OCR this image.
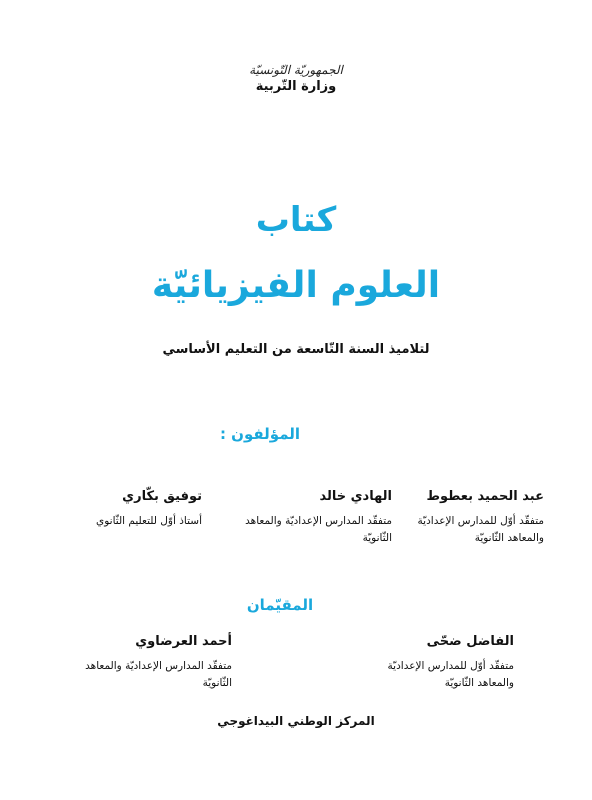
الجمهوريّة التّونسيّة
وزارة التّربية
كتاب
العلوم الفيزيائيّة
لتلاميذ السنة التّاسعة من التعليم الأساسي
المؤلفون :
عبد الحميد بعطوط
متفقّد أوّل للمدارس الإعداديّة والمعاهد الثّانويّة
الهادي خالد
متفقّد المدارس الإعداديّة والمعاهد الثّانويّة
توفيق بكّاري
أستاذ أوّل للتعليم الثّانوي
المقيّمان
الفاضل ضحّى
متفقّد أوّل للمدارس الإعداديّة والمعاهد الثّانويّة
أحمد العرضاوي
متفقّد المدارس الإعداديّة والمعاهد الثّانويّة
المركز الوطني البيداغوجي
